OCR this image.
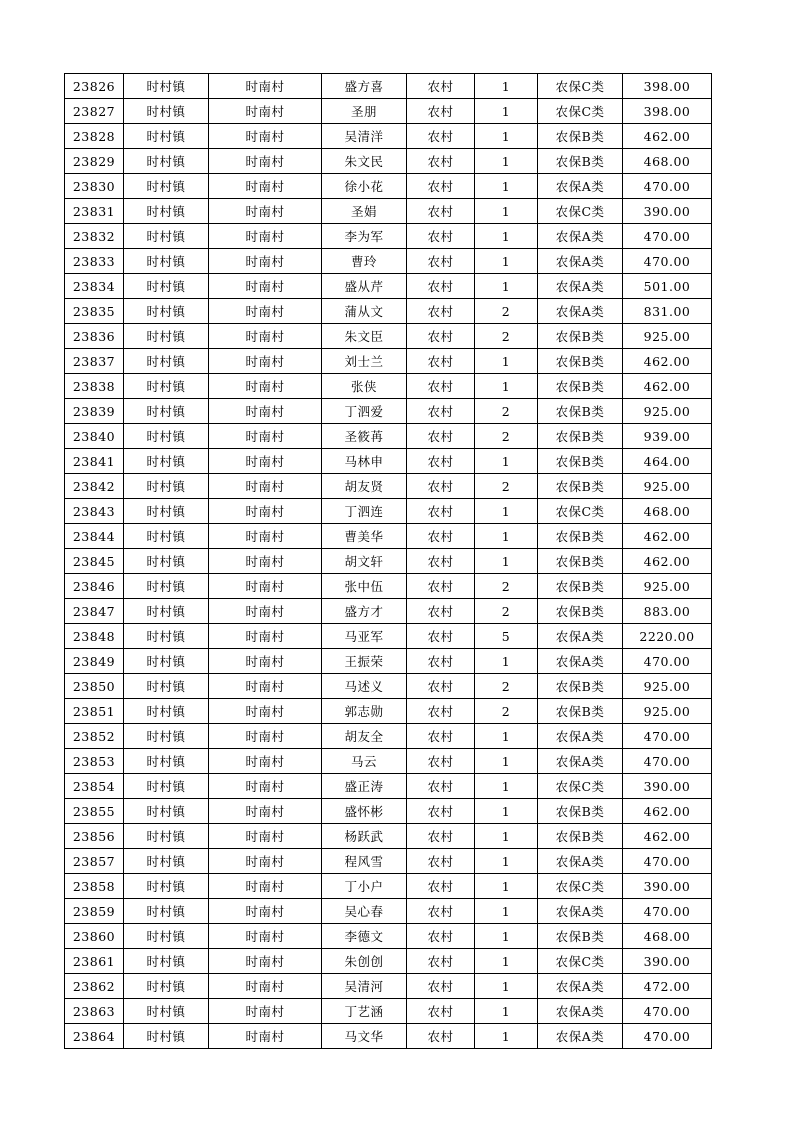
23826	时村镇	时南村	盛方喜	农村	1	农保C类	398.00
23827	时村镇	时南村	圣朋	农村	1	农保C类	398.00
23828	时村镇	时南村	吴清洋	农村	1	农保B类	462.00
23829	时村镇	时南村	朱文民	农村	1	农保B类	468.00
23830	时村镇	时南村	徐小花	农村	1	农保A类	470.00
23831	时村镇	时南村	圣娟	农村	1	农保C类	390.00
23832	时村镇	时南村	李为军	农村	1	农保A类	470.00
23833	时村镇	时南村	曹玲	农村	1	农保A类	470.00
23834	时村镇	时南村	盛从芹	农村	1	农保A类	501.00
23835	时村镇	时南村	蒲从文	农村	2	农保A类	831.00
23836	时村镇	时南村	朱文臣	农村	2	农保B类	925.00
23837	时村镇	时南村	刘士兰	农村	1	农保B类	462.00
23838	时村镇	时南村	张侠	农村	1	农保B类	462.00
23839	时村镇	时南村	丁泗爱	农村	2	农保B类	925.00
23840	时村镇	时南村	圣筱苒	农村	2	农保B类	939.00
23841	时村镇	时南村	马林申	农村	1	农保B类	464.00
23842	时村镇	时南村	胡友贤	农村	2	农保B类	925.00
23843	时村镇	时南村	丁泗连	农村	1	农保C类	468.00
23844	时村镇	时南村	曹美华	农村	1	农保B类	462.00
23845	时村镇	时南村	胡文轩	农村	1	农保B类	462.00
23846	时村镇	时南村	张中伍	农村	2	农保B类	925.00
23847	时村镇	时南村	盛方才	农村	2	农保B类	883.00
23848	时村镇	时南村	马亚军	农村	5	农保A类	2220.00
23849	时村镇	时南村	王振荣	农村	1	农保A类	470.00
23850	时村镇	时南村	马述义	农村	2	农保B类	925.00
23851	时村镇	时南村	郭志勋	农村	2	农保B类	925.00
23852	时村镇	时南村	胡友全	农村	1	农保A类	470.00
23853	时村镇	时南村	马云	农村	1	农保A类	470.00
23854	时村镇	时南村	盛正涛	农村	1	农保C类	390.00
23855	时村镇	时南村	盛怀彬	农村	1	农保B类	462.00
23856	时村镇	时南村	杨跃武	农村	1	农保B类	462.00
23857	时村镇	时南村	程风雪	农村	1	农保A类	470.00
23858	时村镇	时南村	丁小户	农村	1	农保C类	390.00
23859	时村镇	时南村	吴心春	农村	1	农保A类	470.00
23860	时村镇	时南村	李德文	农村	1	农保B类	468.00
23861	时村镇	时南村	朱创创	农村	1	农保C类	390.00
23862	时村镇	时南村	吴清河	农村	1	农保A类	472.00
23863	时村镇	时南村	丁艺涵	农村	1	农保A类	470.00
23864	时村镇	时南村	马文华	农村	1	农保A类	470.00
